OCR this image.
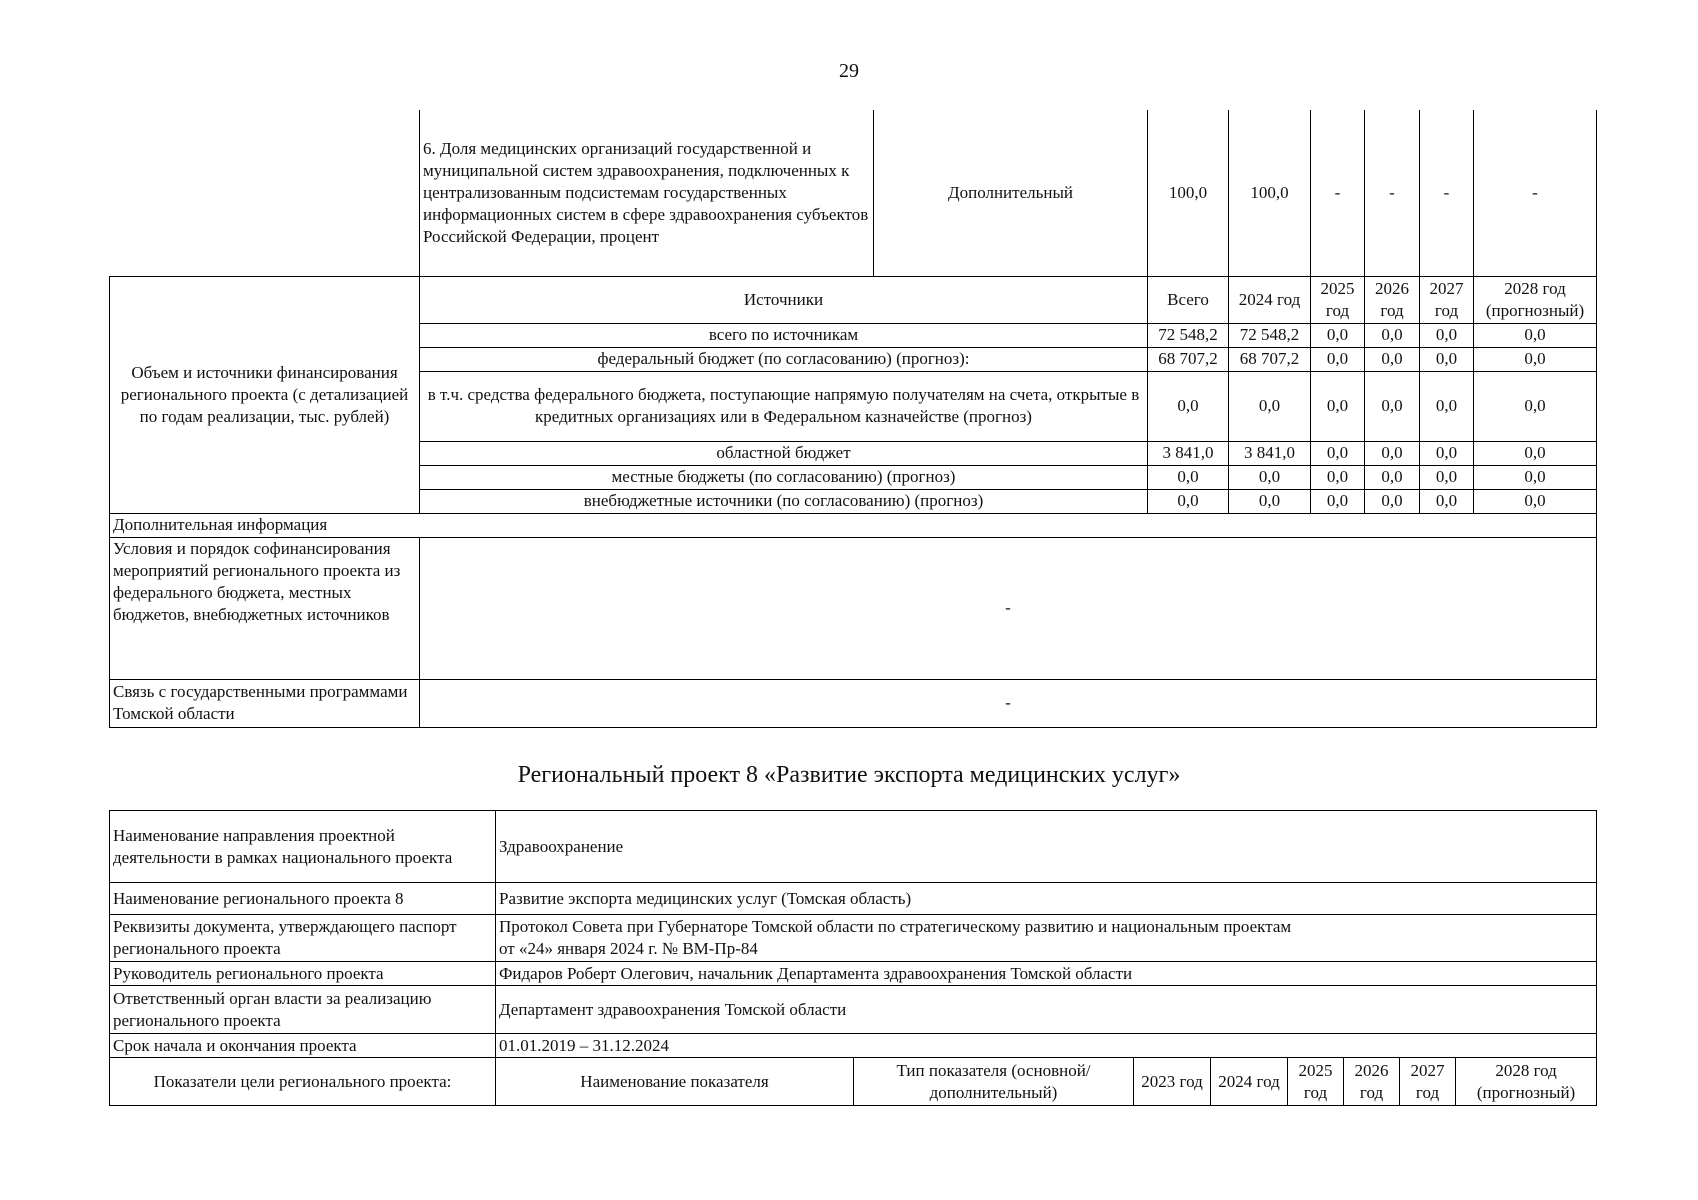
29
	6. Доля медицинских организаций государственной и муниципальной систем здравоохранения, подключенных к централизованным подсистемам государственных информационных систем в сфере здравоохранения субъектов Российской Федерации, процент	Дополнительный	100,0	100,0	-	-	-	-
Объем и источники финансирования регионального проекта (с детализацией по годам реализации, тыс. рублей)	Источники		Всего	2024 год	2025 год	2026 год	2027 год	2028 год (прогнозный)
	всего по источникам		72 548,2	72 548,2	0,0	0,0	0,0	0,0
	федеральный бюджет (по согласованию) (прогноз):		68 707,2	68 707,2	0,0	0,0	0,0	0,0
	в т.ч. средства федерального бюджета, поступающие напрямую получателям на счета, открытые в кредитных организациях или в Федеральном казначействе (прогноз)		0,0	0,0	0,0	0,0	0,0	0,0
	областной бюджет		3 841,0	3 841,0	0,0	0,0	0,0	0,0
	местные бюджеты (по согласованию) (прогноз)		0,0	0,0	0,0	0,0	0,0	0,0
	внебюджетные источники (по согласованию) (прогноз)		0,0	0,0	0,0	0,0	0,0	0,0
Дополнительная информация								
Условия и порядок софинансирования мероприятий регионального проекта из федерального бюджета, местных бюджетов, внебюджетных источников	-							
Связь с государственными программами Томской области	-							
Региональный проект 8 «Развитие экспорта медицинских услуг»
Наименование направления проектной деятельности в рамках национального проекта	Здравоохранение							
Наименование регионального проекта 8	Развитие экспорта медицинских услуг (Томская область)							
Реквизиты документа, утверждающего паспорт регионального проекта	Протокол Совета при Губернаторе Томской области по стратегическому развитию и национальным проектам
от «24» января 2024 г. № ВМ-Пр-84							

Руководитель регионального проекта	Фидаров Роберт Олегович, начальник Департамента здравоохранения Томской области							
Ответственный орган власти за реализацию регионального проекта	Департамент здравоохранения Томской области							
Срок начала и окончания проекта	01.01.2019 – 31.12.2024							
Показатели цели регионального проекта:	Наименование показателя	Тип показателя (основной/дополнительный)	2023 год	2024 год	2025 год	2026 год	2027 год	2028 год (прогнозный)
